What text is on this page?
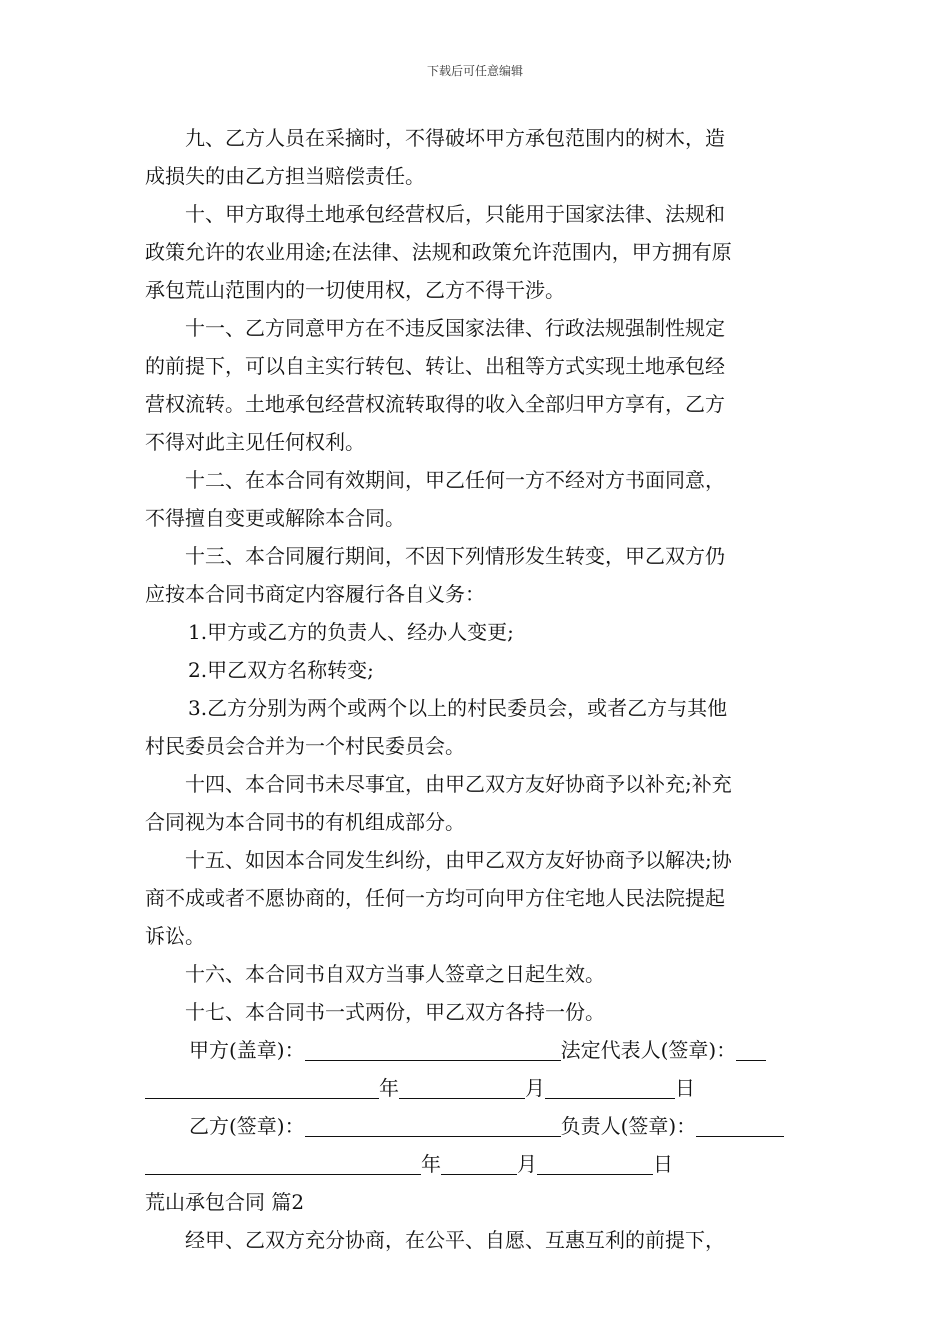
下载后可任意编辑

九、乙方人员在采摘时，不得破坏甲方承包范围内的树木，造
成损失的由乙方担当赔偿责任。

十、甲方取得土地承包经营权后，只能用于国家法律、法规和
政策允许的农业用途;在法律、法规和政策允许范围内，甲方拥有原
承包荒山范围内的一切使用权，乙方不得干涉。

十一、乙方同意甲方在不违反国家法律、行政法规强制性规定
的前提下，可以自主实行转包、转让、出租等方式实现土地承包经
营权流转。土地承包经营权流转取得的收入全部归甲方享有，乙方
不得对此主见任何权利。

十二、在本合同有效期间，甲乙任何一方不经对方书面同意，
不得擅自变更或解除本合同。

十三、本合同履行期间，不因下列情形发生转变，甲乙双方仍
应按本合同书商定内容履行各自义务：

1.甲方或乙方的负责人、经办人变更;

2.甲乙双方名称转变;

3.乙方分别为两个或两个以上的村民委员会，或者乙方与其他
村民委员会合并为一个村民委员会。

十四、本合同书未尽事宜，由甲乙双方友好协商予以补充;补充
合同视为本合同书的有机组成部分。

十五、如因本合同发生纠纷，由甲乙双方友好协商予以解决;协
商不成或者不愿协商的，任何一方均可向甲方住宅地人民法院提起
诉讼。

十六、本合同书自双方当事人签章之日起生效。

十七、本合同书一式两份，甲乙双方各持一份。

甲方(盖章)：	法定代表人(签章)：
年	月	日
乙方(签章)：	负责人(签章)：
年	月	日

荒山承包合同 篇2

经甲、乙双方充分协商，在公平、自愿、互惠互利的前提下，
